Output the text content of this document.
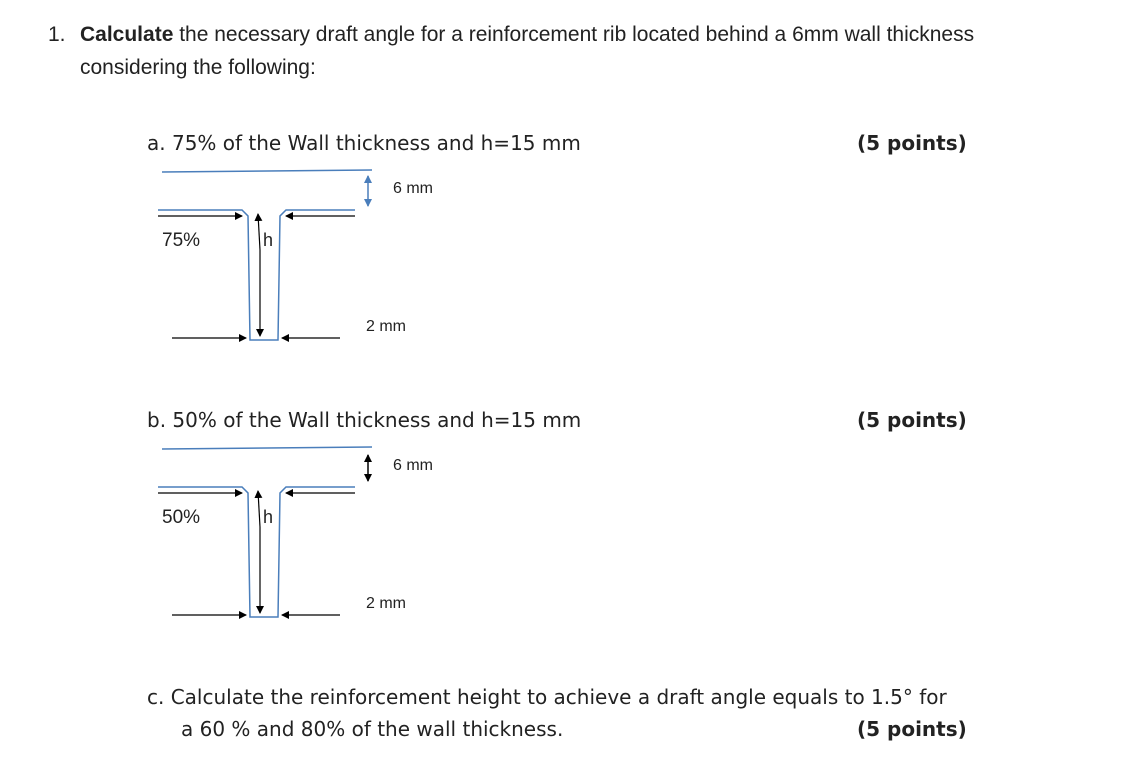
1. Calculate the necessary draft angle for a reinforcement rib located behind a 6mm wall thickness considering the following:
a. 75% of the Wall thickness and h=15 mm	(5 points)
6 mm
75%	h
2 mm
b. 50% of the Wall thickness and h=15 mm	(5 points)
6 mm
50%	h
2 mm
c. Calculate the reinforcement height to achieve a draft angle equals to 1.5° for
a 60 % and 80% of the wall thickness.	(5 points)
